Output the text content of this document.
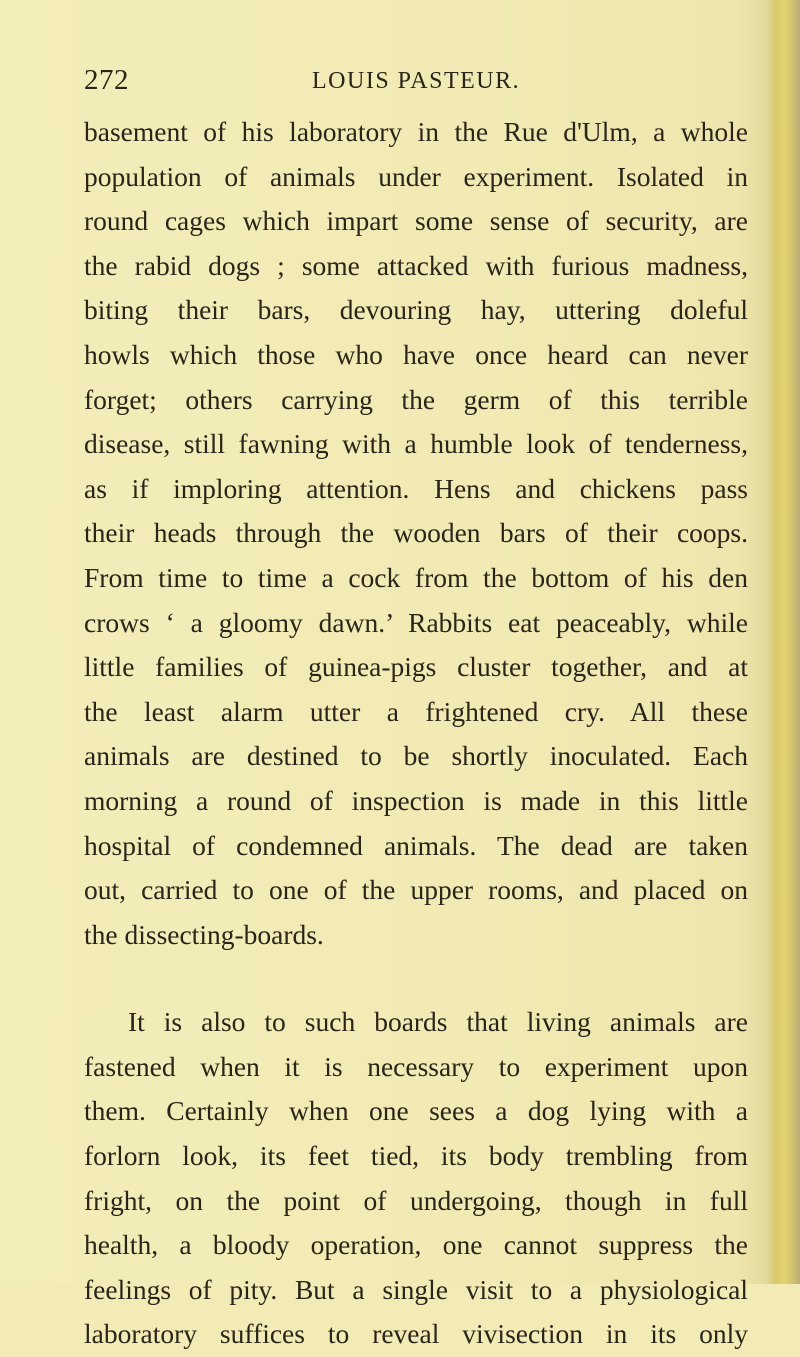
272	LOUIS PASTEUR.
basement of his laboratory in the Rue d'Ulm, a whole
population of animals under experiment. Isolated in
round cages which impart some sense of security, are
the rabid dogs ; some attacked with furious madness,
biting their bars, devouring hay, uttering doleful
howls which those who have once heard can never
forget; others carrying the germ of this terrible
disease, still fawning with a humble look of tenderness,
as if imploring attention. Hens and chickens pass
their heads through the wooden bars of their coops.
From time to time a cock from the bottom of his den
crows ‘ a gloomy dawn.’ Rabbits eat peaceably, while
little families of guinea-pigs cluster together, and at
the least alarm utter a frightened cry. All these
animals are destined to be shortly inoculated. Each
morning a round of inspection is made in this little
hospital of condemned animals. The dead are taken
out, carried to one of the upper rooms, and placed on
the dissecting-boards.
It is also to such boards that living animals are
fastened when it is necessary to experiment upon
them. Certainly when one sees a dog lying with a
forlorn look, its feet tied, its body trembling from
fright, on the point of undergoing, though in full
health, a bloody operation, one cannot suppress the
feelings of pity. But a single visit to a physiological
laboratory suffices to reveal vivisection in its only
